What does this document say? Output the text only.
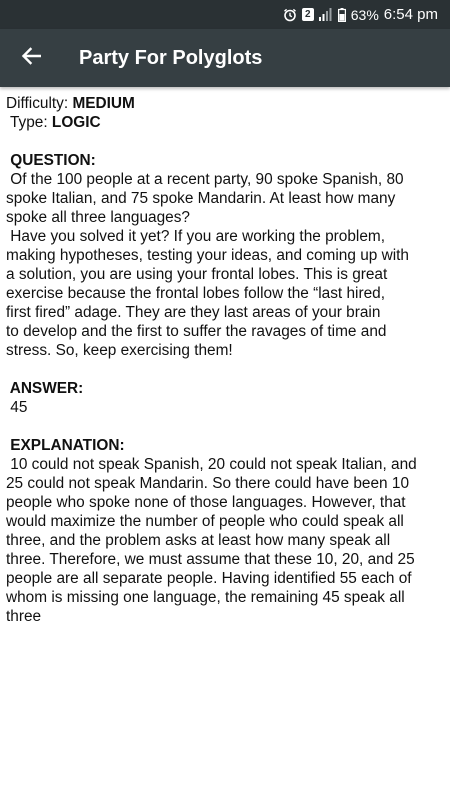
2	63% 6:54 pm
Party For Polyglots
Difficulty: MEDIUM
Type: LOGIC
QUESTION:
Of the 100 people at a recent party, 90 spoke Spanish, 80
spoke Italian, and 75 spoke Mandarin. At least how many
spoke all three languages?
Have you solved it yet? If you are working the problem,
making hypotheses, testing your ideas, and coming up with
a solution, you are using your frontal lobes. This is great
exercise because the frontal lobes follow the “last hired,
first fired” adage. They are they last areas of your brain
to develop and the first to suffer the ravages of time and
stress. So, keep exercising them!
ANSWER:
45
EXPLANATION:
10 could not speak Spanish, 20 could not speak Italian, and
25 could not speak Mandarin. So there could have been 10
people who spoke none of those languages. However, that
would maximize the number of people who could speak all
three, and the problem asks at least how many speak all
three. Therefore, we must assume that these 10, 20, and 25
people are all separate people. Having identified 55 each of
whom is missing one language, the remaining 45 speak all
three
